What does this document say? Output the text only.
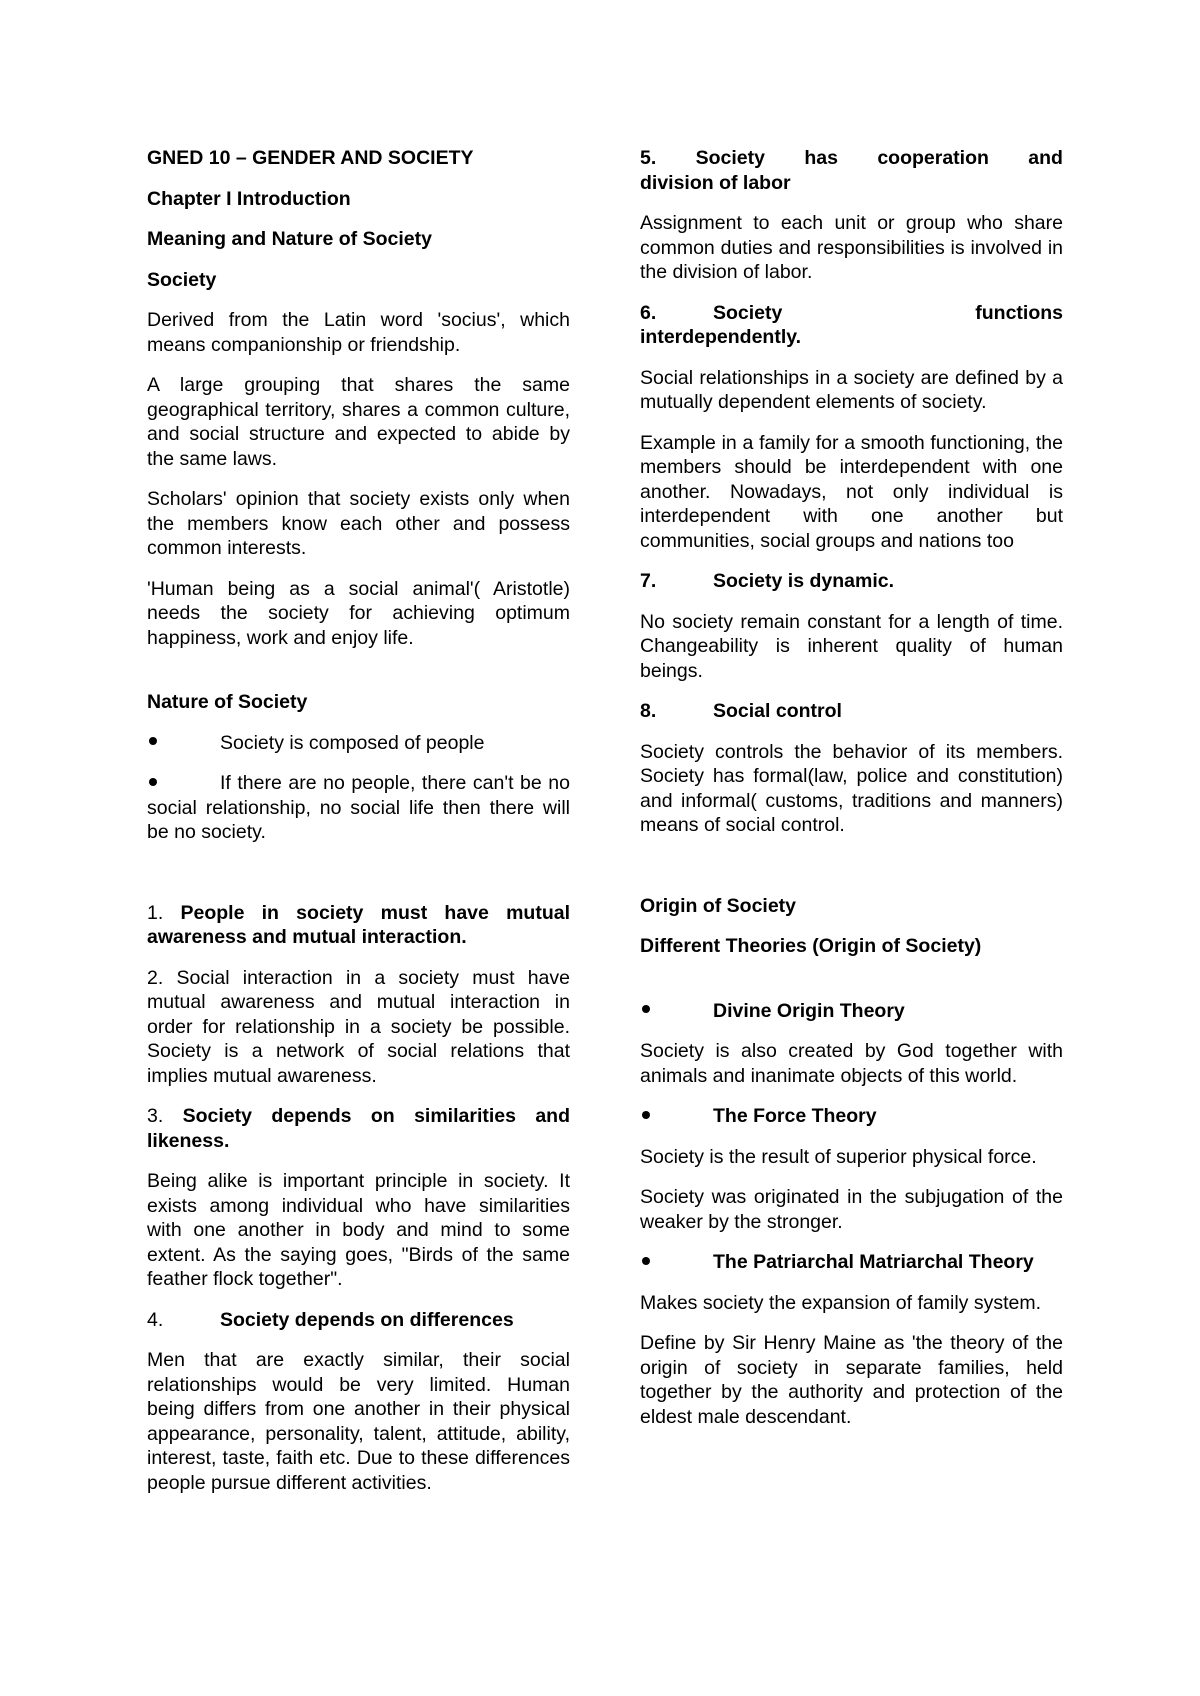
GNED 10 – GENDER AND SOCIETY

Chapter I Introduction

Meaning and Nature of Society

Society

Derived from the Latin word 'socius', which means companionship or friendship.

A large grouping that shares the same geographical territory, shares a common culture, and social structure and expected to abide by the same laws.

Scholars' opinion that society exists only when the members know each other and possess common interests.

'Human being as a social animal'( Aristotle) needs the society for achieving optimum happiness, work and enjoy life.

Nature of Society

Society is composed of people

If there are no people, there can't be no social relationship, no social life then there will be no society.

1. People in society must have mutual awareness and mutual interaction.

2. Social interaction in a society must have mutual awareness and mutual interaction in order for relationship in a society be possible. Society is a network of social relations that implies mutual awareness.

3. Society depends on similarities and likeness.

Being alike is important principle in society. It exists among individual who have similarities with one another in body and mind to some extent. As the saying goes, "Birds of the same feather flock together".

4.	Society depends on differences

Men that are exactly similar, their social relationships would be very limited. Human being differs from one another in their physical appearance, personality, talent, attitude, ability, interest, taste, faith etc. Due to these differences people pursue different activities.

5. Society has cooperation and
division of labor

Assignment to each unit or group who share common duties and responsibilities is involved in the division of labor.

6.	Society	functions
interdependently.

Social relationships in a society are defined by a mutually dependent elements of society.

Example in a family for a smooth functioning, the members should be interdependent with one another. Nowadays, not only individual is interdependent with one another but communities, social groups and nations too

7.	Society is dynamic.

No society remain constant for a length of time. Changeability is inherent quality of human beings.

8.	Social control

Society controls the behavior of its members. Society has formal(law, police and constitution) and informal( customs, traditions and manners) means of social control.

Origin of Society

Different Theories (Origin of Society)

Divine Origin Theory

Society is also created by God together with animals and inanimate objects of this world.

The Force Theory

Society is the result of superior physical force.

Society was originated in the subjugation of the weaker by the stronger.

The Patriarchal Matriarchal Theory

Makes society the expansion of family system.

Define by Sir Henry Maine as 'the theory of the origin of society in separate families, held together by the authority and protection of the eldest male descendant.
